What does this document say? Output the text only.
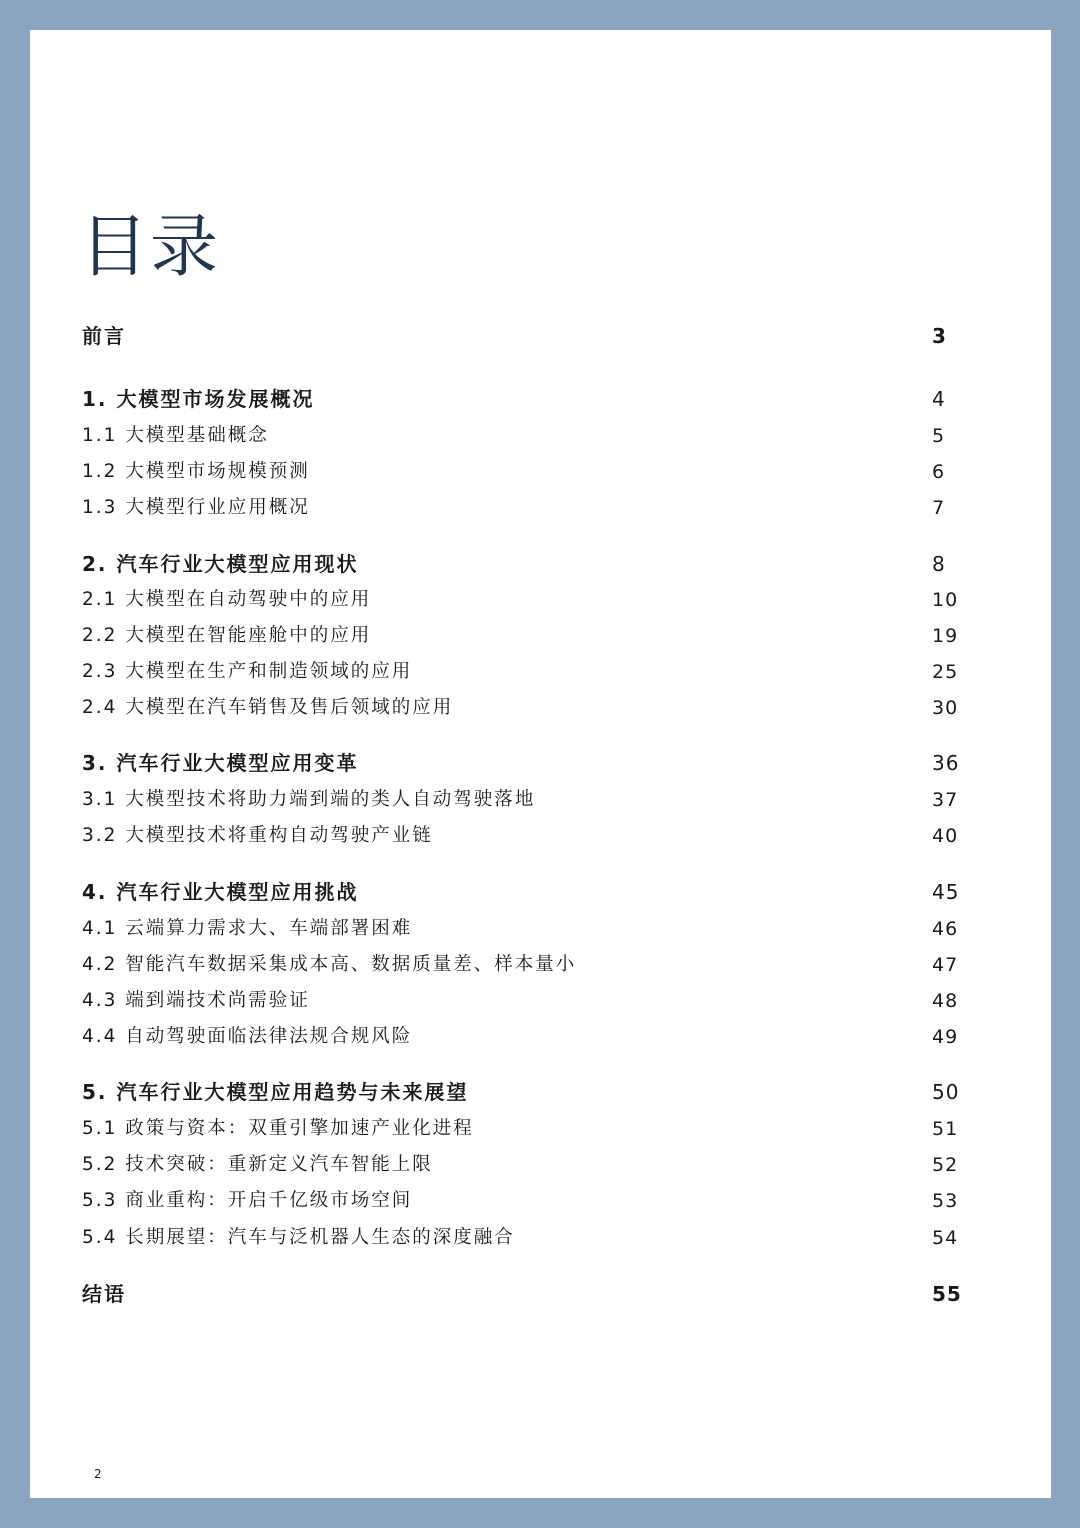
目录
前言	3
1. 大模型市场发展概况	4
1.1 大模型基础概念	5
1.2 大模型市场规模预测	6
1.3 大模型行业应用概况	7
2. 汽车行业大模型应用现状	8
2.1 大模型在自动驾驶中的应用	10
2.2 大模型在智能座舱中的应用	19
2.3 大模型在生产和制造领域的应用	25
2.4 大模型在汽车销售及售后领域的应用	30
3. 汽车行业大模型应用变革	36
3.1 大模型技术将助力端到端的类人自动驾驶落地	37
3.2 大模型技术将重构自动驾驶产业链	40
4. 汽车行业大模型应用挑战	45
4.1 云端算力需求大、车端部署困难	46
4.2 智能汽车数据采集成本高、数据质量差、样本量小	47
4.3 端到端技术尚需验证	48
4.4 自动驾驶面临法律法规合规风险	49
5. 汽车行业大模型应用趋势与未来展望	50
5.1 政策与资本：双重引擎加速产业化进程	51
5.2 技术突破：重新定义汽车智能上限	52
5.3 商业重构：开启千亿级市场空间	53
5.4 长期展望：汽车与泛机器人生态的深度融合	54
结语	55
2
